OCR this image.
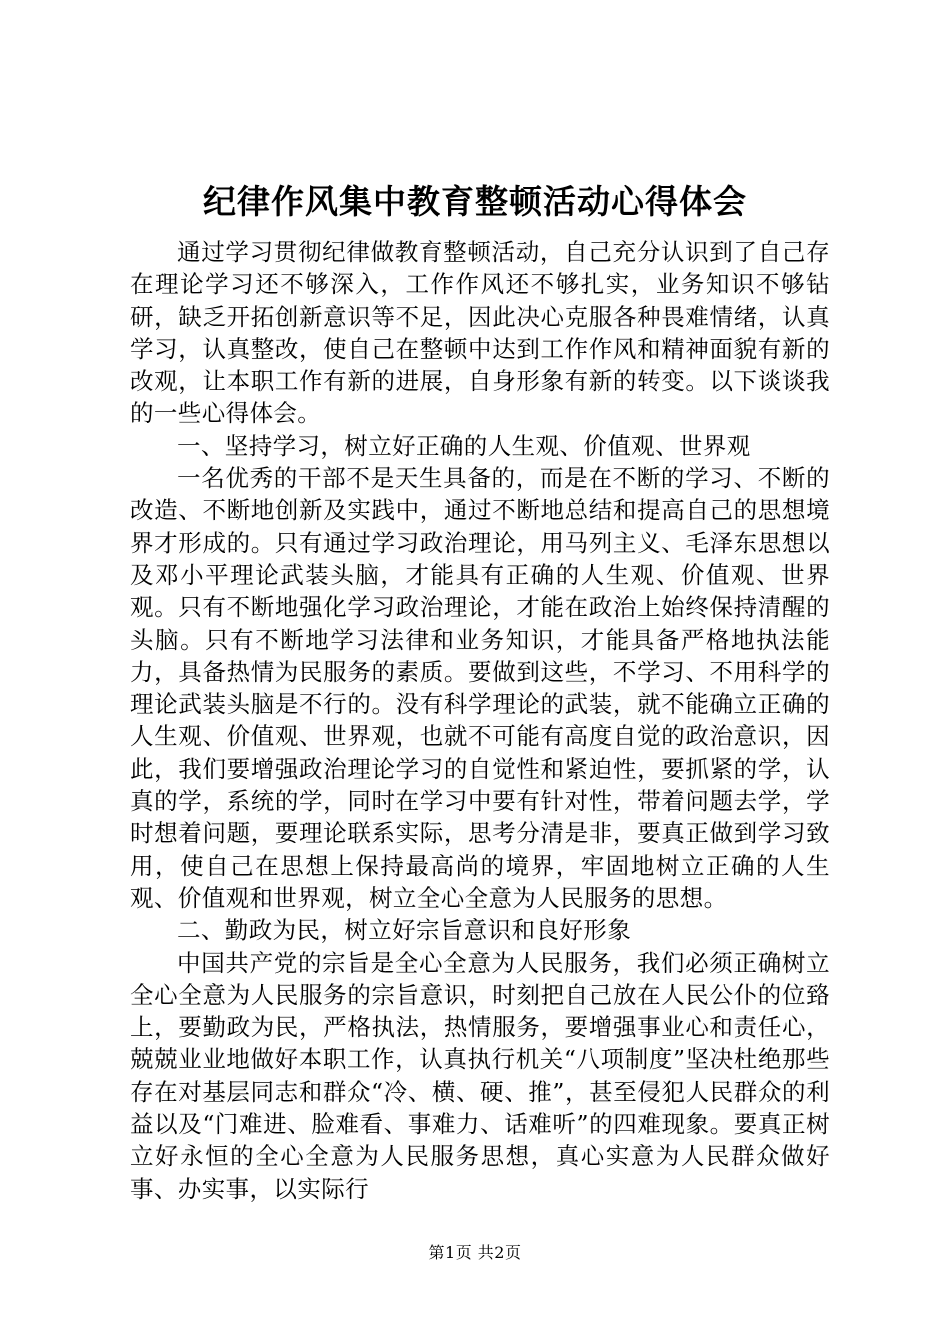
纪律作风集中教育整顿活动心得体会

通过学习贯彻纪律做教育整顿活动，自己充分认识到了自己存在理论学习还不够深入，工作作风还不够扎实，业务知识不够钻研，缺乏开拓创新意识等不足，因此决心克服各种畏难情绪，认真学习，认真整改，使自己在整顿中达到工作作风和精神面貌有新的改观，让本职工作有新的进展，自身形象有新的转变。以下谈谈我的一些心得体会。

一、坚持学习，树立好正确的人生观、价值观、世界观

一名优秀的干部不是天生具备的，而是在不断的学习、不断的改造、不断地创新及实践中，通过不断地总结和提高自己的思想境界才形成的。只有通过学习政治理论，用马列主义、毛泽东思想以及邓小平理论武装头脑，才能具有正确的人生观、价值观、世界观。只有不断地强化学习政治理论，才能在政治上始终保持清醒的头脑。只有不断地学习法律和业务知识，才能具备严格地执法能力，具备热情为民服务的素质。要做到这些，不学习、不用科学的理论武装头脑是不行的。没有科学理论的武装，就不能确立正确的人生观、价值观、世界观，也就不可能有高度自觉的政治意识，因此，我们要增强政治理论学习的自觉性和紧迫性，要抓紧的学，认真的学，系统的学，同时在学习中要有针对性，带着问题去学，学时想着问题，要理论联系实际，思考分清是非，要真正做到学习致用，使自己在思想上保持最高尚的境界，牢固地树立正确的人生观、价值观和世界观，树立全心全意为人民服务的思想。

二、勤政为民，树立好宗旨意识和良好形象

中国共产党的宗旨是全心全意为人民服务，我们必须正确树立全心全意为人民服务的宗旨意识，时刻把自己放在人民公仆的位臵上，要勤政为民，严格执法，热情服务，要增强事业心和责任心，兢兢业业地做好本职工作，认真执行机关“八项制度”坚决杜绝那些存在对基层同志和群众“冷、横、硬、推”，甚至侵犯人民群众的利益以及“门难进、脸难看、事难力、话难听”的四难现象。要真正树立好永恒的全心全意为人民服务思想，真心实意为人民群众做好事、办实事，以实际行

第1页 共2页
